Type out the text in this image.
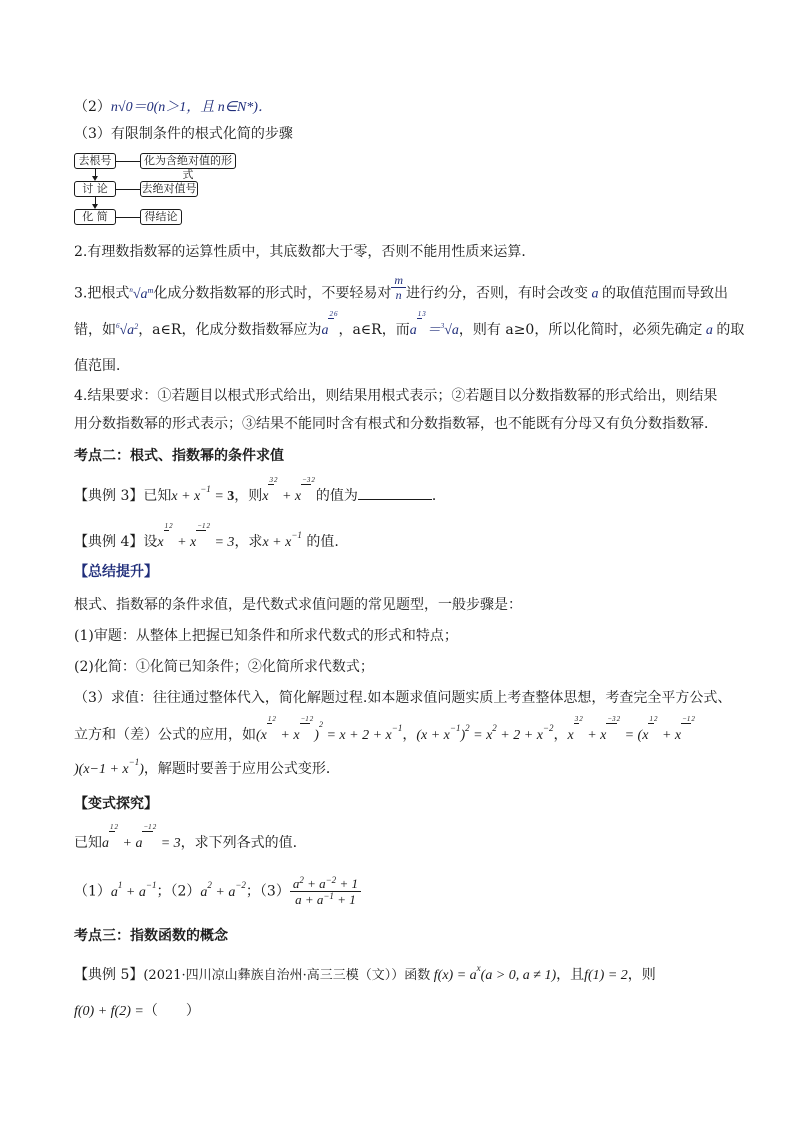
（2）n√0＝0(n＞1，且 n∈N*)．
（3）有限制条件的根式化简的步骤
去根号	化为含绝对值的形式
讨 论	去绝对值号
化 简	得结论
2.有理数指数幂的运算性质中，其底数都大于零，否则不能用性质来运算．
3.把根式$^n√a^m$化成分数指数幂的形式时，不要轻易对 $\frac{m}{n}$ 进行约分，否则，有时会改变 a 的取值范围而导致出
错，如$^6√a^2$，a∈R，化成分数指数幂应为a26，a∈R，而a13＝$^3$√a，则有 a≥0，所以化简时，必须先确定 a 的取
值范围．
4.结果要求：①若题目以根式形式给出，则结果用根式表示；②若题目以分数指数幂的形式给出，则结果
用分数指数幂的形式表示；③结果不能同时含有根式和分数指数幂，也不能既有分母又有负分数指数幂．
考点二：根式、指数幂的条件求值
【典例 3】已知$x + x^{-1} = 3$，则x32 + x−32的值为	．
【典例 4】设x12 + x−12 = 3，求$x + x^{-1}$ 的值.
【总结提升】
根式、指数幂的条件求值，是代数式求值问题的常见题型，一般步骤是：
(1)审题：从整体上把握已知条件和所求代数式的形式和特点；
(2)化简：①化简已知条件；②化简所求代数式；
（3）求值：往往通过整体代入，简化解题过程.如本题求值问题实质上考查整体思想，考查完全平方公式、
立方和（差）公式的应用，如$(x12 + x-12)^2 = x + 2 + x^{-1}$，$(x + x^{-1})^2 = x^2 + 2 + x^{-2}$，x32 + x−32 = (x12 + x−12
)$(x-1 + x^{-1})$，解题时要善于应用公式变形．
【变式探究】
已知a12 + a−12 = 3，求下列各式的值.
$(1)a^1 + a^{-1}$；$(2)a^2 + a^{-2}$；$(3) \frac{a^2 + a^{-2} + 1}{a + a^{-1} + 1}$
考点三：指数函数的概念
【典例 5】(2021·四川凉山彝族自治州·高三三模（文））函数 $f(x) = a^x(a > 0$, a ≠ 1)，且f(1) = 2，则
f(0) + f(2) =（　　）
